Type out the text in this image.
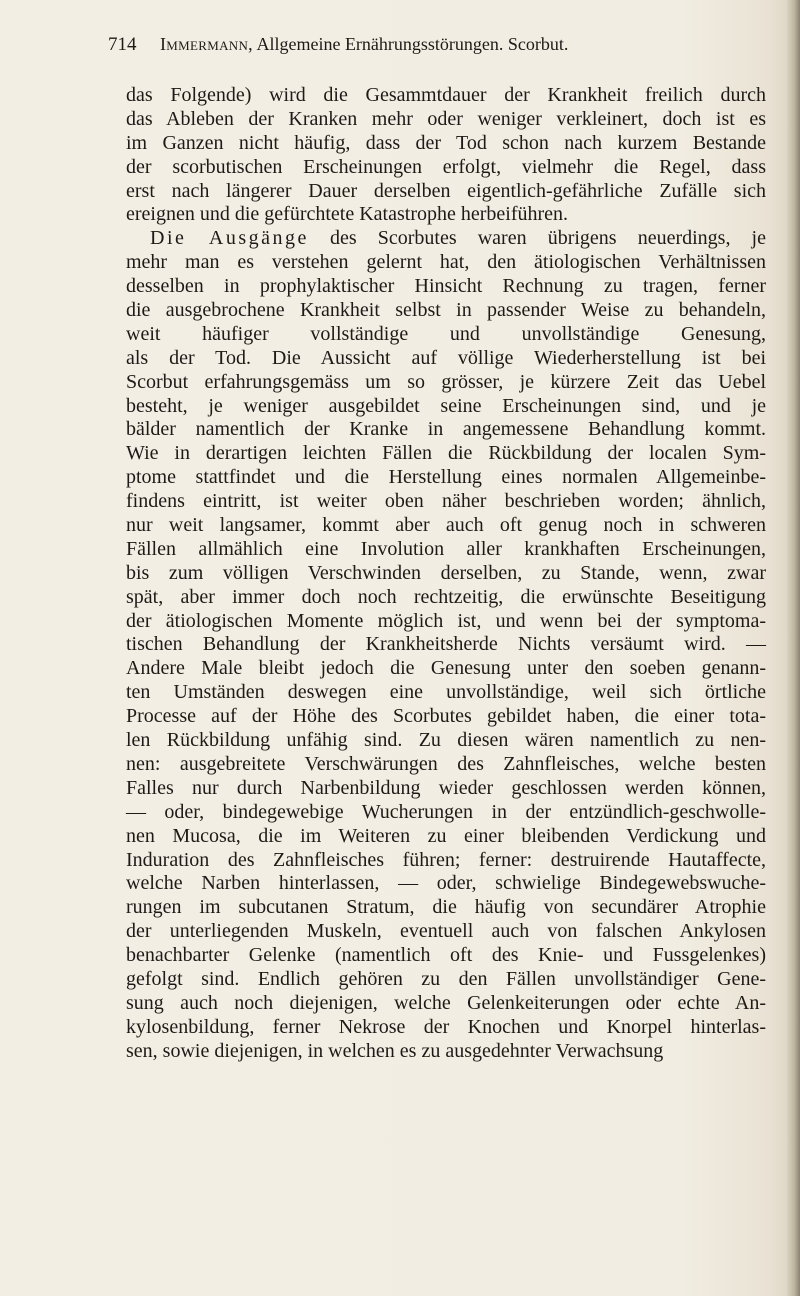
714 Immermann, Allgemeine Ernährungsstörungen. Scorbut.
das Folgende) wird die Gesammtdauer der Krankheit freilich durch
das Ableben der Kranken mehr oder weniger verkleinert, doch ist es
im Ganzen nicht häufig, dass der Tod schon nach kurzem Bestande
der scorbutischen Erscheinungen erfolgt, vielmehr die Regel, dass
erst nach längerer Dauer derselben eigentlich-gefährliche Zufälle sich
ereignen und die gefürchtete Katastrophe herbeiführen.
Die Ausgänge des Scorbutes waren übrigens neuerdings, je
mehr man es verstehen gelernt hat, den ätiologischen Verhältnissen
desselben in prophylaktischer Hinsicht Rechnung zu tragen, ferner
die ausgebrochene Krankheit selbst in passender Weise zu behandeln,
weit häufiger vollständige und unvollständige Genesung,
als der Tod. Die Aussicht auf völlige Wiederherstellung ist bei
Scorbut erfahrungsgemäss um so grösser, je kürzere Zeit das Uebel
besteht, je weniger ausgebildet seine Erscheinungen sind, und je
bälder namentlich der Kranke in angemessene Behandlung kommt.
Wie in derartigen leichten Fällen die Rückbildung der localen Sym-
ptome stattfindet und die Herstellung eines normalen Allgemeinbe-
findens eintritt, ist weiter oben näher beschrieben worden; ähnlich,
nur weit langsamer, kommt aber auch oft genug noch in schweren
Fällen allmählich eine Involution aller krankhaften Erscheinungen,
bis zum völligen Verschwinden derselben, zu Stande, wenn, zwar
spät, aber immer doch noch rechtzeitig, die erwünschte Beseitigung
der ätiologischen Momente möglich ist, und wenn bei der symptoma-
tischen Behandlung der Krankheitsherde Nichts versäumt wird. —
Andere Male bleibt jedoch die Genesung unter den soeben genann-
ten Umständen deswegen eine unvollständige, weil sich örtliche
Processe auf der Höhe des Scorbutes gebildet haben, die einer tota-
len Rückbildung unfähig sind. Zu diesen wären namentlich zu nen-
nen: ausgebreitete Verschwärungen des Zahnfleisches, welche besten
Falles nur durch Narbenbildung wieder geschlossen werden können,
— oder, bindegewebige Wucherungen in der entzündlich-geschwolle-
nen Mucosa, die im Weiteren zu einer bleibenden Verdickung und
Induration des Zahnfleisches führen; ferner: destruirende Hautaffecte,
welche Narben hinterlassen, — oder, schwielige Bindegewebswuche-
rungen im subcutanen Stratum, die häufig von secundärer Atrophie
der unterliegenden Muskeln, eventuell auch von falschen Ankylosen
benachbarter Gelenke (namentlich oft des Knie- und Fussgelenkes)
gefolgt sind. Endlich gehören zu den Fällen unvollständiger Gene-
sung auch noch diejenigen, welche Gelenkeiterungen oder echte An-
kylosenbildung, ferner Nekrose der Knochen und Knorpel hinterlas-
sen, sowie diejenigen, in welchen es zu ausgedehnter Verwachsung
